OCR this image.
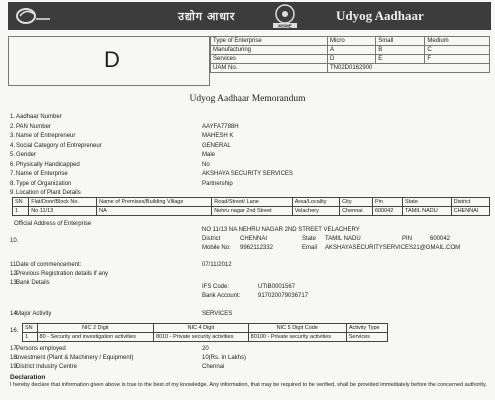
उद्योग आधार
MSME
Udyog Aadhaar
D
Type of Enterprise	Micro	Small	Medium
Manufacturing	A	B	C
Services	D	E	F
UAM No.	TN02D0162900		
Udyog Aadhaar Memorandum
1. Aadhaar Number
2. PAN Number	AAYFA7788H
3. Name of Entrepreneur	MAHESH K
4. Social Category of Entrepreneur	GENERAL
5. Gender	Male
6. Physically Handicapped	No
7. Name of Enterprise	AKSHAYA SECURITY SERVICES
8. Type of Organization	Partnership
9. Location of Plant Details
SN	Flat/Door/Block No.	Name of Premises/Building Village	Road/Street/ Lane	Area/Locality	City	Pin	State	District
1	No 11/13	NA	Nehru nagar 2nd Street	Velachery	Chennai	600042	TAMIL NADU	CHENNAI
Official Address of Enterprise
10.
NO 11/13 NA NEHRU NAGAR 2ND STREET VELACHERY
District	CHENNAI	State TAMIL NADU	PIN	600042
Mobile No: 9962112332	Email AKSHAYASECURITYSERVICES21@GMAIL.COM
11.
Date of commencement:	07/11/2012
12.
Previous Registration details if any
13.
Bank Details
IFS Code:	UTIB0001567
Bank Account:	917020079036717
14.
Major Activity	SERVICES
16. SN	NIC 2 Digit	NIC 4 Digit	NIC 5 Digit Code	Activity Type
1	80 - Security and investigation activities	8010 - Private security activities	80100 - Private security activities	Services
17.
Persons employed	20
18.
Investment (Plant & Machinery / Equipment)	10(Rs. In Lakhs)
19.
District Industry Centre	Chennai
Declaration
I hereby declare that information given above is true to the best of my knowledge. Any information, that may be required to be verified, shall be provided immediately before the concerned authority.
